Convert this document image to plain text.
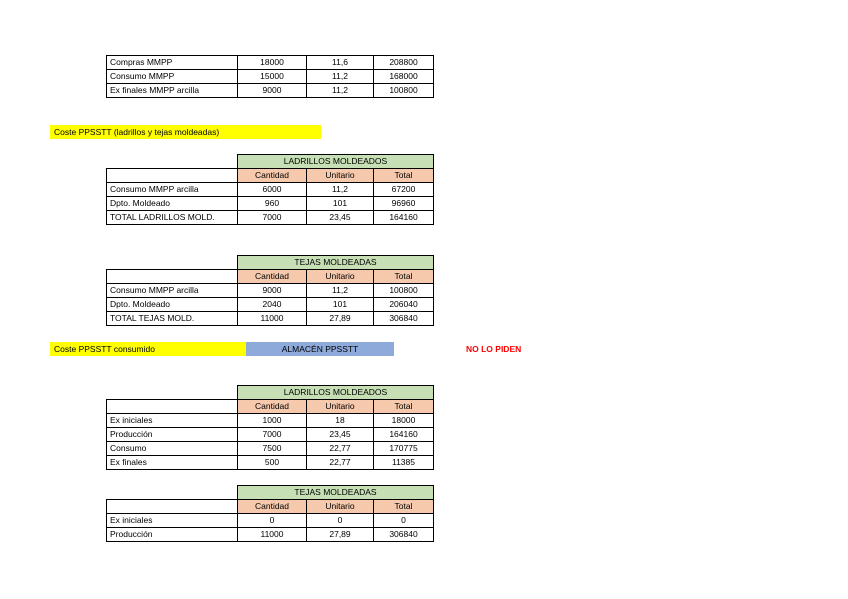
Compras MMPP	18000	11,6	208800
Consumo MMPP	15000	11,2	168000
Ex finales MMPP arcilla	9000	11,2	100800
Coste PPSSTT (ladrillos y tejas moldeadas)
	LADRILLOS MOLDEADOS		
	Cantidad	Unitario	Total
Consumo MMPP arcilla	6000	11,2	67200
Dpto. Moldeado	960	101	96960
TOTAL LADRILLOS MOLD.	7000	23,45	164160
	TEJAS MOLDEADAS		
	Cantidad	Unitario	Total
Consumo MMPP arcilla	9000	11,2	100800
Dpto. Moldeado	2040	101	206040
TOTAL TEJAS MOLD.	11000	27,89	306840
Coste PPSSTT consumido	ALMACÉN PPSSTT	NO LO PIDEN
	LADRILLOS MOLDEADOS		
	Cantidad	Unitario	Total
Ex iniciales	1000	18	18000
Producción	7000	23,45	164160
Consumo	7500	22,77	170775
Ex finales	500	22,77	11385
	TEJAS MOLDEADAS		
	Cantidad	Unitario	Total
Ex iniciales	0	0	0
Producción	11000	27,89	306840
